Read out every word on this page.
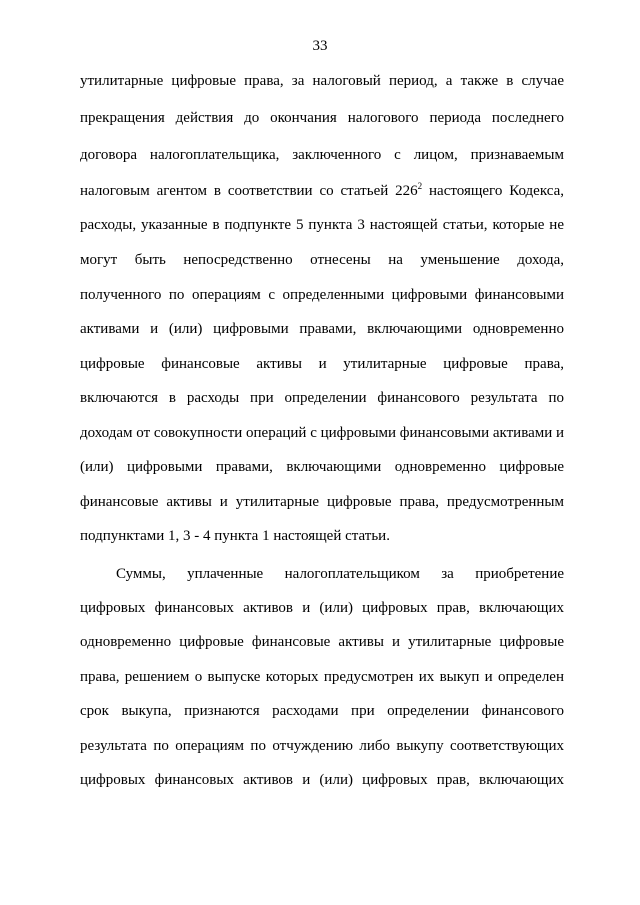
33
утилитарные цифровые права, за налоговый период, а также в случае
прекращения действия до окончания налогового периода последнего
договора налогоплательщика, заключенного с лицом, признаваемым
налоговым агентом в соответствии со статьей $226^2$ настоящего Кодекса,
расходы, указанные в подпункте 5 пункта 3 настоящей статьи, которые не
могут быть непосредственно отнесены на уменьшение дохода,
полученного по операциям с определенными цифровыми финансовыми
активами и (или) цифровыми правами, включающими одновременно
цифровые финансовые активы и утилитарные цифровые права,
включаются в расходы при определении финансового результата по
доходам от совокупности операций с цифровыми финансовыми активами и
(или) цифровыми правами, включающими одновременно цифровые
финансовые активы и утилитарные цифровые права, предусмотренным
подпунктами 1, 3 - 4 пункта 1 настоящей статьи.
Суммы, уплаченные налогоплательщиком за приобретение
цифровых финансовых активов и (или) цифровых прав, включающих
одновременно цифровые финансовые активы и утилитарные цифровые
права, решением о выпуске которых предусмотрен их выкуп и определен
срок выкупа, признаются расходами при определении финансового
результата по операциям по отчуждению либо выкупу соответствующих
цифровых финансовых активов и (или) цифровых прав, включающих
